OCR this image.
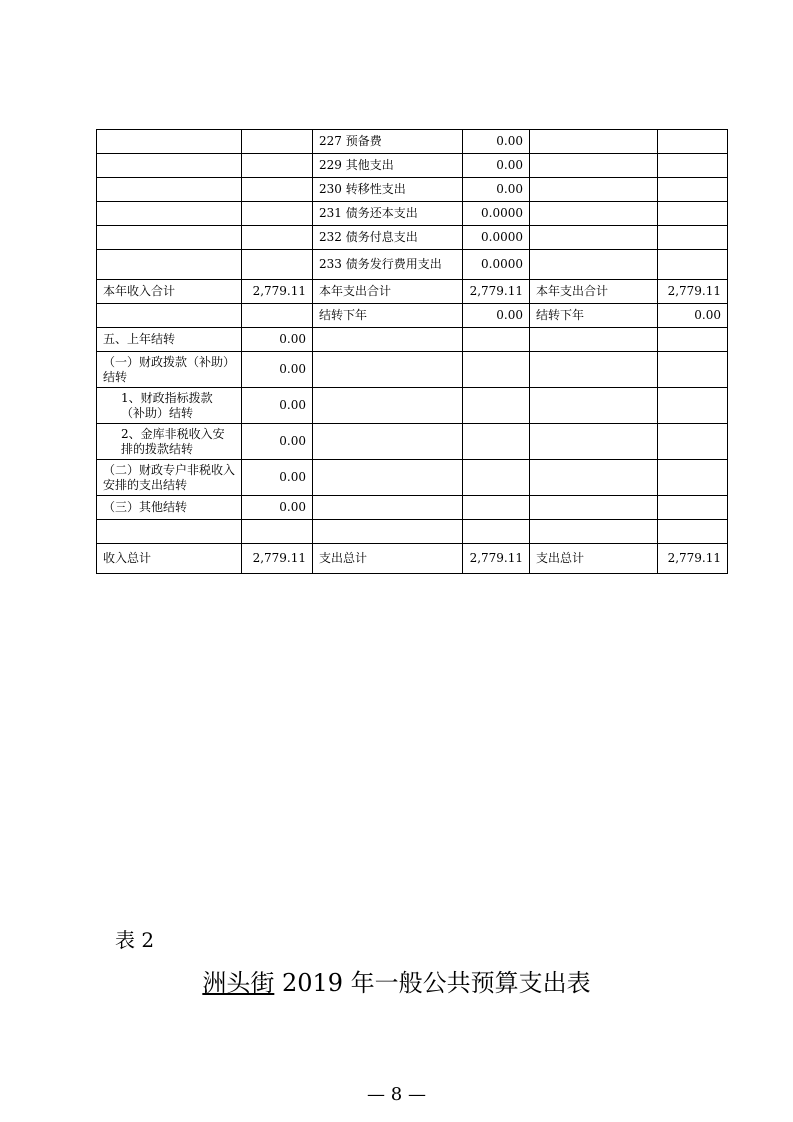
		227 预备费	0.00		
		229 其他支出	0.00		
		230 转移性支出	0.00		
		231 债务还本支出	0.0000		
		232 债务付息支出	0.0000		
		233 债务发行费用支出	0.0000		
本年收入合计	2,779.11	本年支出合计	2,779.11	本年支出合计	2,779.11
		结转下年	0.00	结转下年	0.00
五、上年结转	0.00				
（一）财政拨款（补助）结转	0.00				
1、财政指标拨款（补助）结转	0.00				
2、金库非税收入安排的拨款结转	0.00				
（二）财政专户非税收入安排的支出结转	0.00				
（三）其他结转	0.00				

收入总计	2,779.11	支出总计	2,779.11	支出总计	2,779.11
表 2
洲头街 2019 年一般公共预算支出表
— 8 —
